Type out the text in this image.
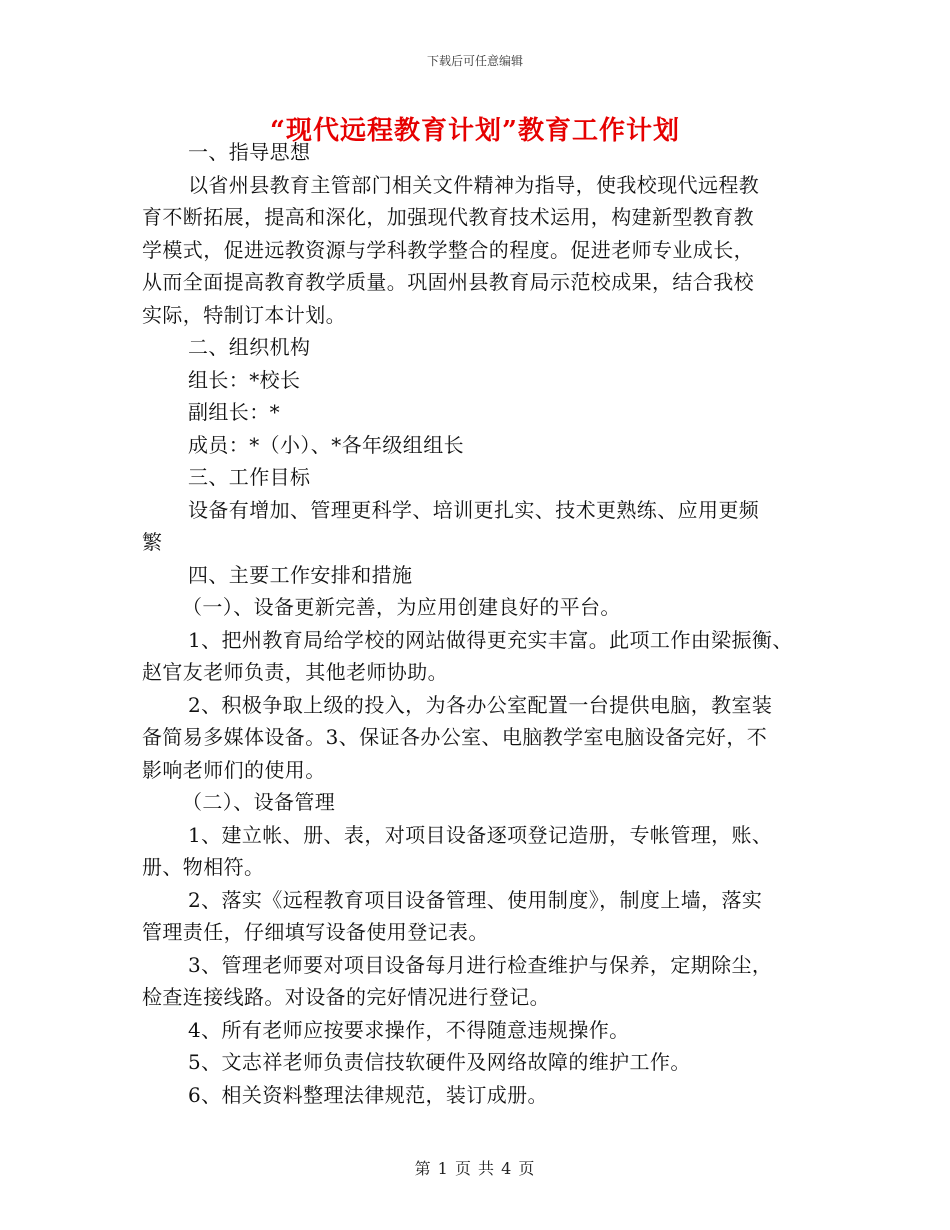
下载后可任意编辑
“现代远程教育计划”教育工作计划
一、指导思想
以省州县教育主管部门相关文件精神为指导，使我校现代远程教
育不断拓展，提高和深化，加强现代教育技术运用，构建新型教育教
学模式，促进远教资源与学科教学整合的程度。促进老师专业成长，
从而全面提高教育教学质量。巩固州县教育局示范校成果，结合我校
实际，特制订本计划。
二、组织机构
组长：*校长
副组长：*
成员：*（小）、*各年级组组长
三、工作目标
设备有增加、管理更科学、培训更扎实、技术更熟练、应用更频
繁
四、主要工作安排和措施
（一）、设备更新完善，为应用创建良好的平台。
1、把州教育局给学校的网站做得更充实丰富。此项工作由梁振衡、
赵官友老师负责，其他老师协助。
2、积极争取上级的投入，为各办公室配置一台提供电脑，教室装
备简易多媒体设备。3、保证各办公室、电脑教学室电脑设备完好，不
影响老师们的使用。
（二）、设备管理
1、建立帐、册、表，对项目设备逐项登记造册，专帐管理，账、
册、物相符。
2、落实《远程教育项目设备管理、使用制度》，制度上墙，落实
管理责任，仔细填写设备使用登记表。
3、管理老师要对项目设备每月进行检查维护与保养，定期除尘，
检查连接线路。对设备的完好情况进行登记。
4、所有老师应按要求操作，不得随意违规操作。
5、文志祥老师负责信技软硬件及网络故障的维护工作。
6、相关资料整理法律规范，装订成册。
第 1 页 共 4 页
